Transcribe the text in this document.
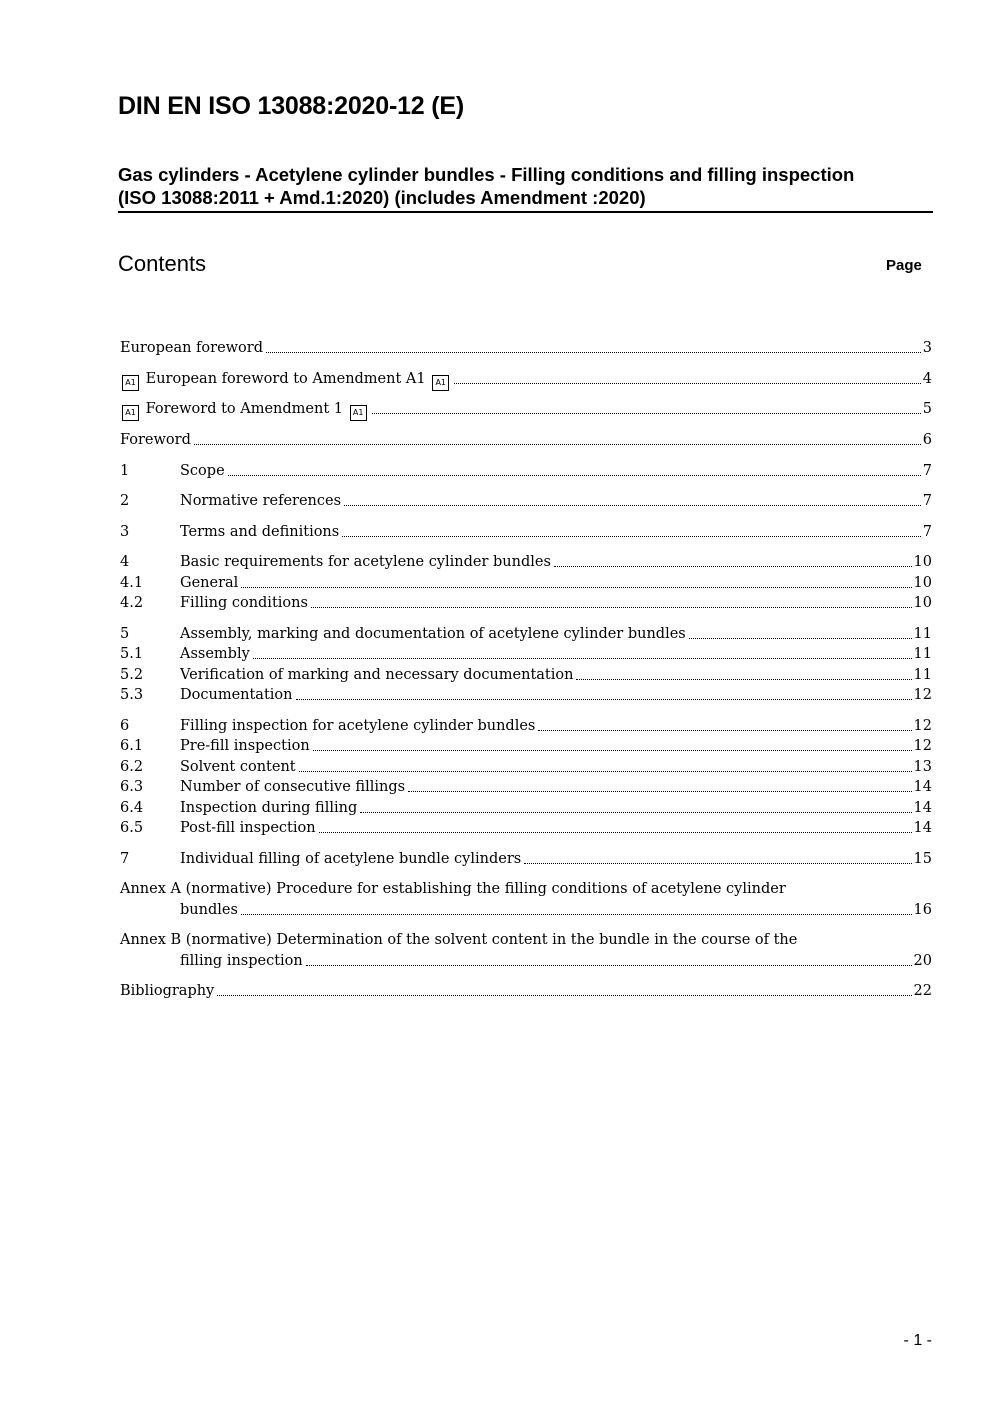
DIN EN ISO 13088:2020-12 (E)
Gas cylinders - Acetylene cylinder bundles - Filling conditions and filling inspection
(ISO 13088:2011 + Amd.1:2020) (includes Amendment :2020)
Contents	Page
European foreword	3
A1 European foreword to Amendment A1 A1	4
A1 Foreword to Amendment 1 A1	5
Foreword	6
1	Scope	7
2	Normative references	7
3	Terms and definitions	7
4	Basic requirements for acetylene cylinder bundles	10
4.1	General	10
4.2	Filling conditions	10
5	Assembly, marking and documentation of acetylene cylinder bundles	11
5.1	Assembly	11
5.2	Verification of marking and necessary documentation	11
5.3	Documentation	12
6	Filling inspection for acetylene cylinder bundles	12
6.1	Pre-fill inspection	12
6.2	Solvent content	13
6.3	Number of consecutive fillings	14
6.4	Inspection during filling	14
6.5	Post-fill inspection	14
7	Individual filling of acetylene bundle cylinders	15
Annex A (normative) Procedure for establishing the filling conditions of acetylene cylinder
bundles	16
Annex B (normative) Determination of the solvent content in the bundle in the course of the
filling inspection	20
Bibliography	22
- 1 -
